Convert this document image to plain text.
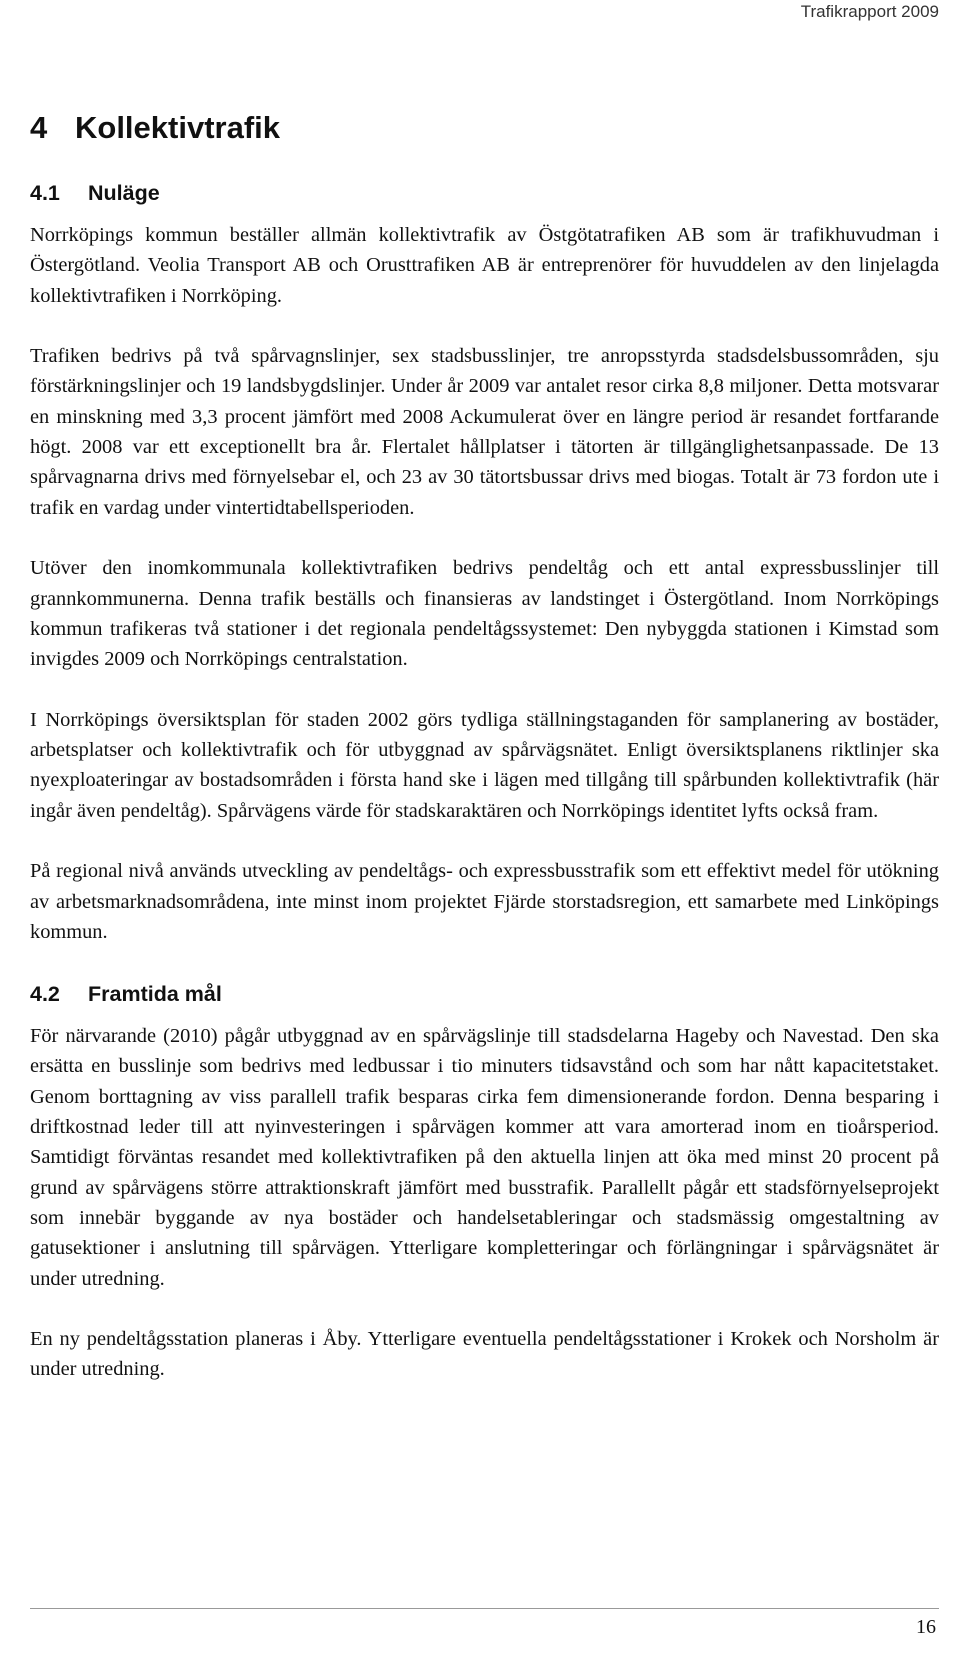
Trafikrapport 2009
4 Kollektivtrafik
4.1 Nuläge

Norrköpings kommun beställer allmän kollektivtrafik av Östgötatrafiken AB som är trafikhuvudman i Östergötland. Veolia Transport AB och Orusttrafiken AB är entreprenörer för huvuddelen av den linjelagda kollektivtrafiken i Norrköping.

Trafiken bedrivs på två spårvagnslinjer, sex stadsbusslinjer, tre anropsstyrda stadsdelsbussområden, sju förstärkningslinjer och 19 landsbygdslinjer. Under år 2009 var antalet resor cirka 8,8 miljoner. Detta motsvarar en minskning med 3,3 procent jämfört med 2008 Ackumulerat över en längre period är resandet fortfarande högt. 2008 var ett exceptionellt bra år. Flertalet hållplatser i tätorten är tillgänglighetsanpassade. De 13 spårvagnarna drivs med förnyelsebar el, och 23 av 30 tätortsbussar drivs med biogas. Totalt är 73 fordon ute i trafik en vardag under vintertidtabellsperioden.

Utöver den inomkommunala kollektivtrafiken bedrivs pendeltåg och ett antal expressbusslinjer till grannkommunerna. Denna trafik beställs och finansieras av landstinget i Östergötland. Inom Norrköpings kommun trafikeras två stationer i det regionala pendeltågssystemet: Den nybyggda stationen i Kimstad som invigdes 2009 och Norrköpings centralstation.

I Norrköpings översiktsplan för staden 2002 görs tydliga ställningstaganden för samplanering av bostäder, arbetsplatser och kollektivtrafik och för utbyggnad av spårvägsnätet. Enligt översiktsplanens riktlinjer ska nyexploateringar av bostadsområden i första hand ske i lägen med tillgång till spårbunden kollektivtrafik (här ingår även pendeltåg). Spårvägens värde för stadskaraktären och Norrköpings identitet lyfts också fram.

På regional nivå används utveckling av pendeltågs- och expressbusstrafik som ett effektivt medel för utökning av arbetsmarknadsområdena, inte minst inom projektet Fjärde storstadsregion, ett samarbete med Linköpings kommun.

4.2 Framtida mål

För närvarande (2010) pågår utbyggnad av en spårvägslinje till stadsdelarna Hageby och Navestad. Den ska ersätta en busslinje som bedrivs med ledbussar i tio minuters tidsavstånd och som har nått kapacitetstaket. Genom borttagning av viss parallell trafik besparas cirka fem dimensionerande fordon. Denna besparing i driftkostnad leder till att nyinvesteringen i spårvägen kommer att vara amorterad inom en tioårsperiod. Samtidigt förväntas resandet med kollektivtrafiken på den aktuella linjen att öka med minst 20 procent på grund av spårvägens större attraktionskraft jämfört med busstrafik. Parallellt pågår ett stadsförnyelseprojekt som innebär byggande av nya bostäder och handelsetableringar och stadsmässig omgestaltning av gatusektioner i anslutning till spårvägen. Ytterligare kompletteringar och förlängningar i spårvägsnätet är under utredning.

En ny pendeltågsstation planeras i Åby. Ytterligare eventuella pendeltågsstationer i Krokek och Norsholm är under utredning.

16
